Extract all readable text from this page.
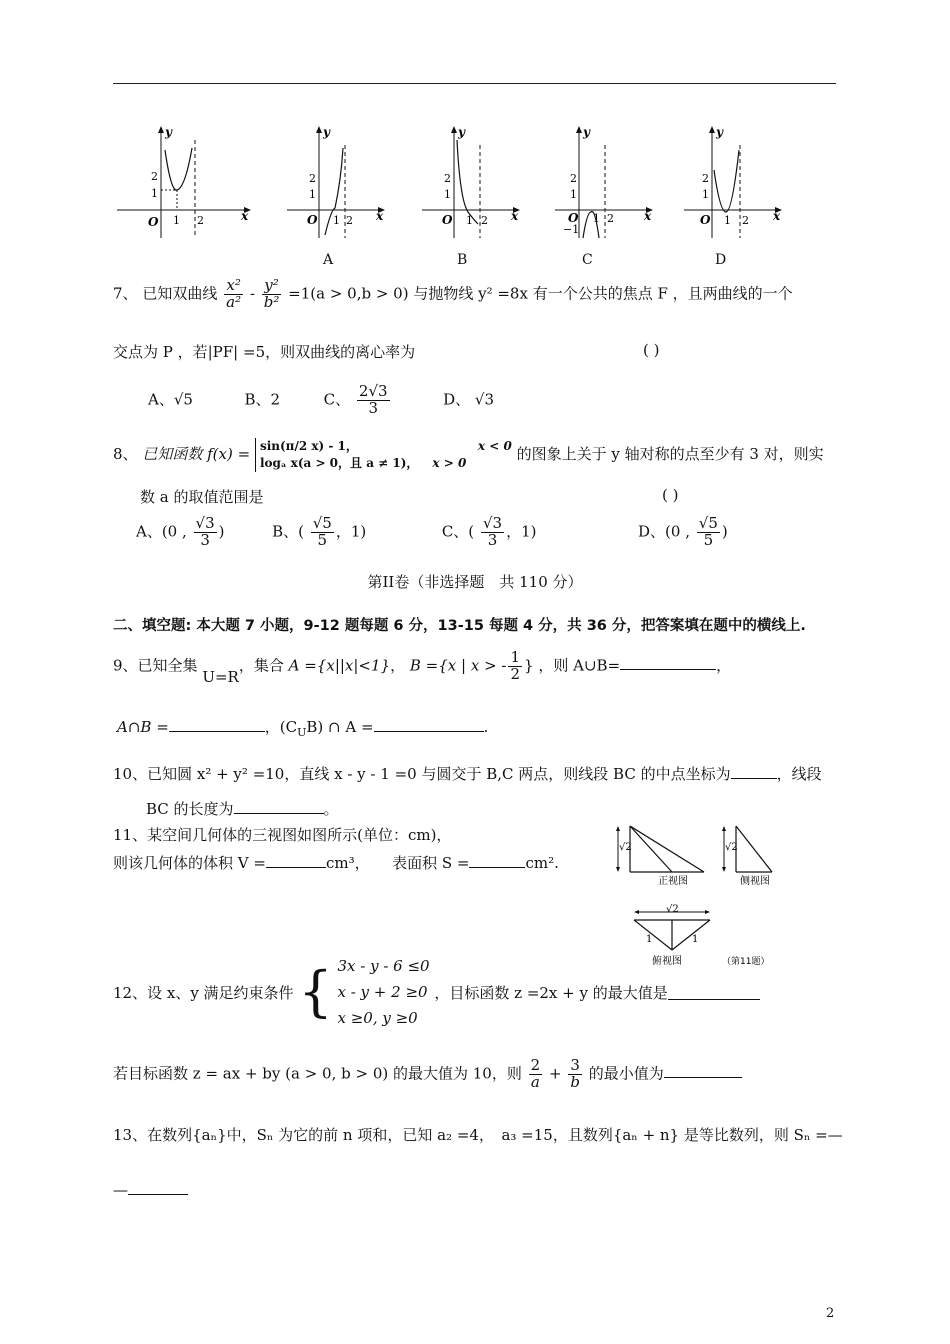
y
x
O
2
1
1 2
y
x
O
2
1
1 2
y
x
O
2
1
1 2
y
x
O
2
1
−1
1 2
y
x
O
2
1
1 2
A	B	C	D
7、 已知双曲线 $\frac{\text{x²}}{\text{a²}} - \frac{\text{y²}}{\text{b²}} =1(a > 0,b > 0)$ 与抛物线 y² =8x 有一个公共的焦点 F ，且两曲线的一个
交点为 P ，若|PF| =5，则双曲线的离心率为	( )
A、√5	B、2	C、 $\frac{2√3}{3}$	D、 √3
8、 已知函数 f(x) = sin(π/2 x) - 1，	x < 0
logₐ x(a > 0，且 a ≠ 1)， x > 0	的图象上关于 y 轴对称的点至少有 3 对，则实
数 a 的取值范围是	( )
A、(0 , $\frac{√3}{3}$ )	B、( $\frac{√5}{5}$ ，1)	C、( $\frac{√3}{3}$ ，1)	D、(0 , $\frac{√5}{5}$ )
第II卷（非选择题　共 110 分）
二、填空题: 本大题 7 小题，9-12 题每题 6 分，13-15 每题 4 分，共 36 分，把答案填在题中的横线上.
9、已知全集 U=R，集合 A ={x||x|<1}， B ={x | x > - $\frac{1}{2}$ } ，则 A∪B=	，
A∩B =	，$(C_UB)$ ∩ A =	.
10、已知圆 x² + y² =10，直线 x - y - 1 =0 与圆交于 B,C 两点，则线段 BC 的中点坐标为	，线段
BC 的长度为	。
11、某空间几何体的三视图如图所示(单位：cm)，
则该几何体的体积 V =	cm³，　　表面积 S =	cm².
√2
正视图
√2
侧视图
√2
1	1
俯视图	（第11题）
12、设 x、y 满足约束条件 { 3x - y - 6 ≤0
x - y + 2 ≥0
x ≥0, y ≥0
，目标函数 z =2x + y 的最大值是
若目标函数 z = ax + by (a > 0, b > 0) 的最大值为 10，则 $\frac{2}{a} + \frac{3}{b}$ 的最小值为
13、在数列{aₙ}中，Sₙ 为它的前 n 项和，已知 a₂ =4，　a₃ =15，且数列{aₙ + n} 是等比数列，则 Sₙ =—
—
2
